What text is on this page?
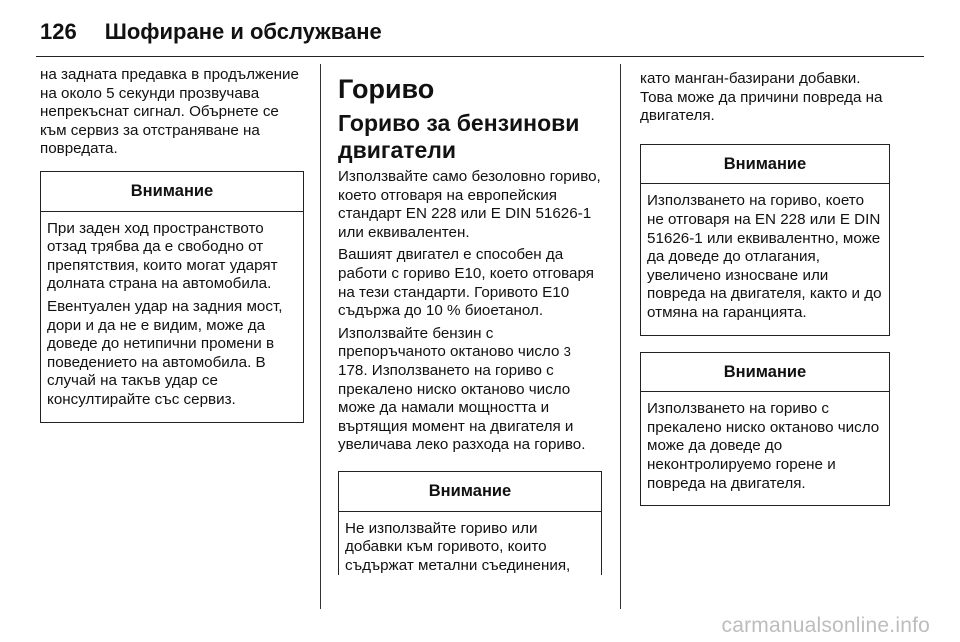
126 Шофиране и обслужване

на задната предавка в продължение на около 5 секунди прозвучава непрекъснат сигнал. Обърнете се към сервиз за отстраняване на повредата.

Внимание

При заден ход пространството отзад трябва да е свободно от препятствия, които могат ударят долната страна на автомобила.

Евентуален удар на задния мост, дори и да не е видим, може да доведе до нетипични промени в поведението на автомобила. В случай на такъв удар се консултирайте със сервиз.

Гориво
Гориво за бензинови двигатели

Използвайте само безоловно гориво, което отговаря на европейския стандарт EN 228 или E DIN 51626-1 или еквивалентен.

Вашият двигател е способен да работи с гориво E10, което отговаря на тези стандарти. Горивото E10 съдържа до 10 % биоетанол.

Използвайте бензин с препоръчаното октаново число 3 178. Използването на гориво с прекалено ниско октаново число може да намали мощността и въртящия момент на двигателя и увеличава леко разхода на гориво.

Внимание

Не използвайте гориво или добавки към горивото, които съдържат метални съединения,

като манган-базирани добавки. Това може да причини повреда на двигателя.

Внимание

Използването на гориво, което не отговаря на EN 228 или E DIN 51626-1 или еквивалентно, може да доведе до отлагания, увеличено износване или повреда на двигателя, както и до отмяна на гаранцията.

Внимание

Използването на гориво с прекалено ниско октаново число може да доведе до неконтролируемо горене и повреда на двигателя.

carmanualsonline.info
